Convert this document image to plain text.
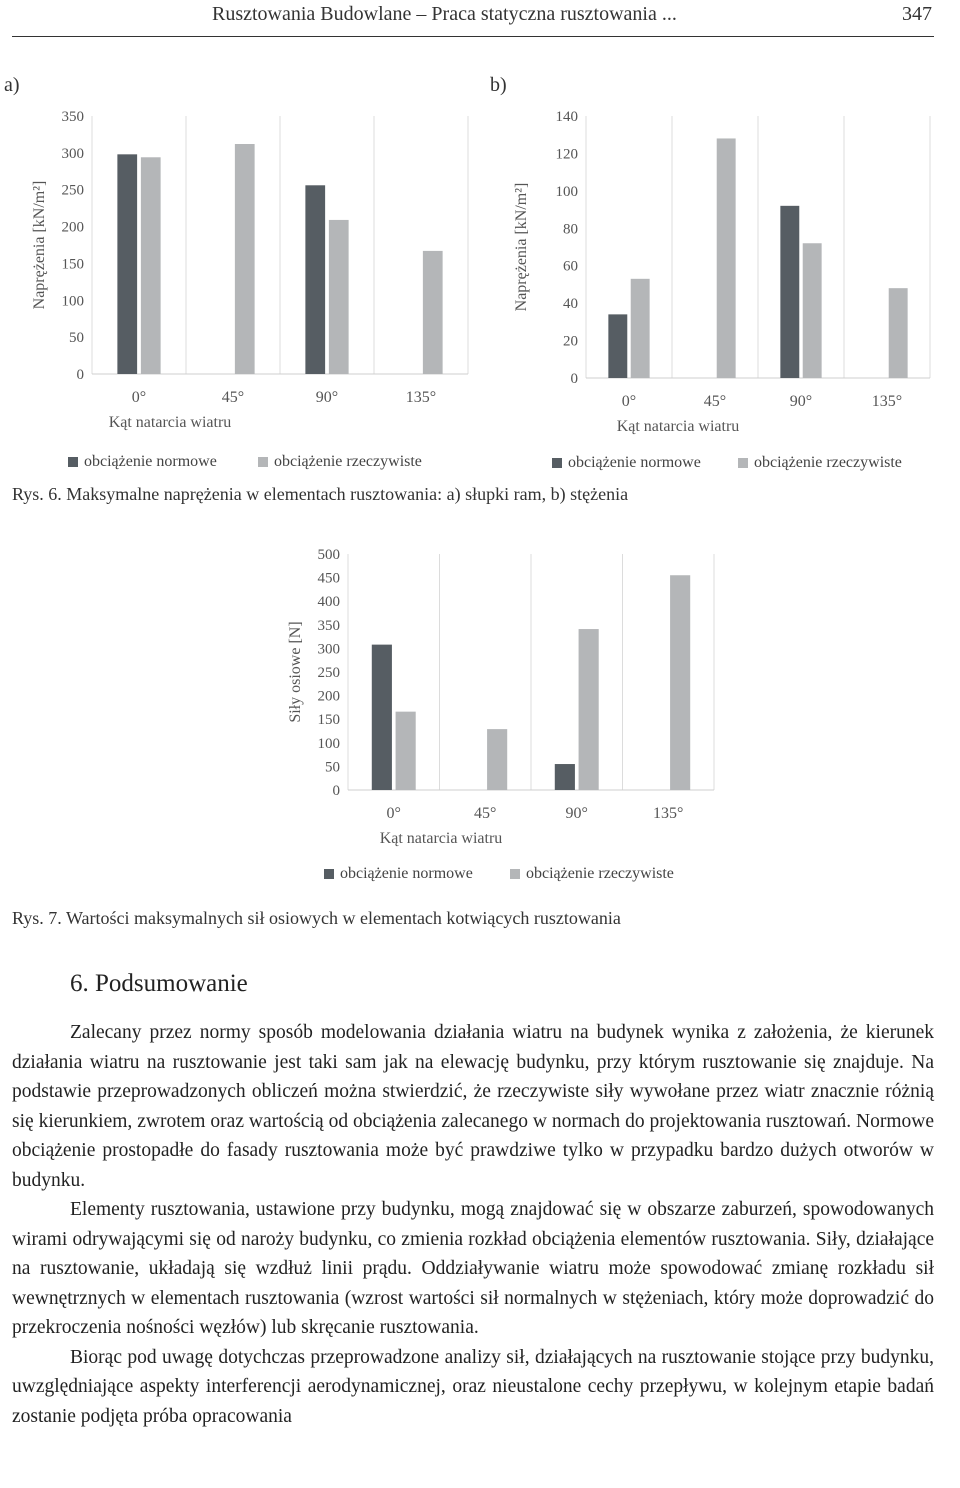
Rusztowania Budowlane – Praca statyczna rusztowania ...	347
a)	b)
0
50
100
150
200
250
300
350
0°	45°	90°	135°
Kąt natarcia wiatru
Naprężenia [kN/m²]
obciążenie normowe	obciążenie rzeczywiste
0
20
40
60
80
100
120
140
0°	45°	90°	135°
Kąt natarcia wiatru
Naprężenia [kN/m²]
obciążenie normowe	obciążenie rzeczywiste
Rys. 6. Maksymalne naprężenia w elementach rusztowania: a) słupki ram, b) stężenia
0
50
100
150
200
250
300
350
400
450
500
0°	45°	90°	135°
Kąt natarcia wiatru
Siły osiowe [N]
obciążenie normowe	obciążenie rzeczywiste
Rys. 7. Wartości maksymalnych sił osiowych w elementach kotwiących rusztowania
6. Podsumowanie

Zalecany przez normy sposób modelowania działania wiatru na budynek wynika z założenia, że kierunek działania wiatru na rusztowanie jest taki sam jak na elewację budynku, przy którym rusztowanie się znajduje. Na podstawie przeprowadzonych obliczeń można stwierdzić, że rzeczywiste siły wywołane przez wiatr znacznie różnią się kierunkiem, zwrotem oraz wartością od obciążenia zalecanego w normach do projektowania rusztowań. Normowe obciążenie prostopadłe do fasady rusztowania może być prawdziwe tylko w przypadku bardzo dużych otworów w budynku.

Elementy rusztowania, ustawione przy budynku, mogą znajdować się w obszarze zaburzeń, spowodowanych wirami odrywającymi się od naroży budynku, co zmienia rozkład obciążenia elementów rusztowania. Siły, działające na rusztowanie, układają się wzdłuż linii prądu. Oddziaływanie wiatru może spowodować zmianę rozkładu sił wewnętrznych w elementach rusztowania (wzrost wartości sił normalnych w stężeniach, który może doprowadzić do przekroczenia nośności węzłów) lub skręcanie rusztowania.

Biorąc pod uwagę dotychczas przeprowadzone analizy sił, działających na rusztowanie stojące przy budynku, uwzględniające aspekty interferencji aerodynamicznej, oraz nieustalone cechy przepływu, w kolejnym etapie badań zostanie podjęta próba opracowania
